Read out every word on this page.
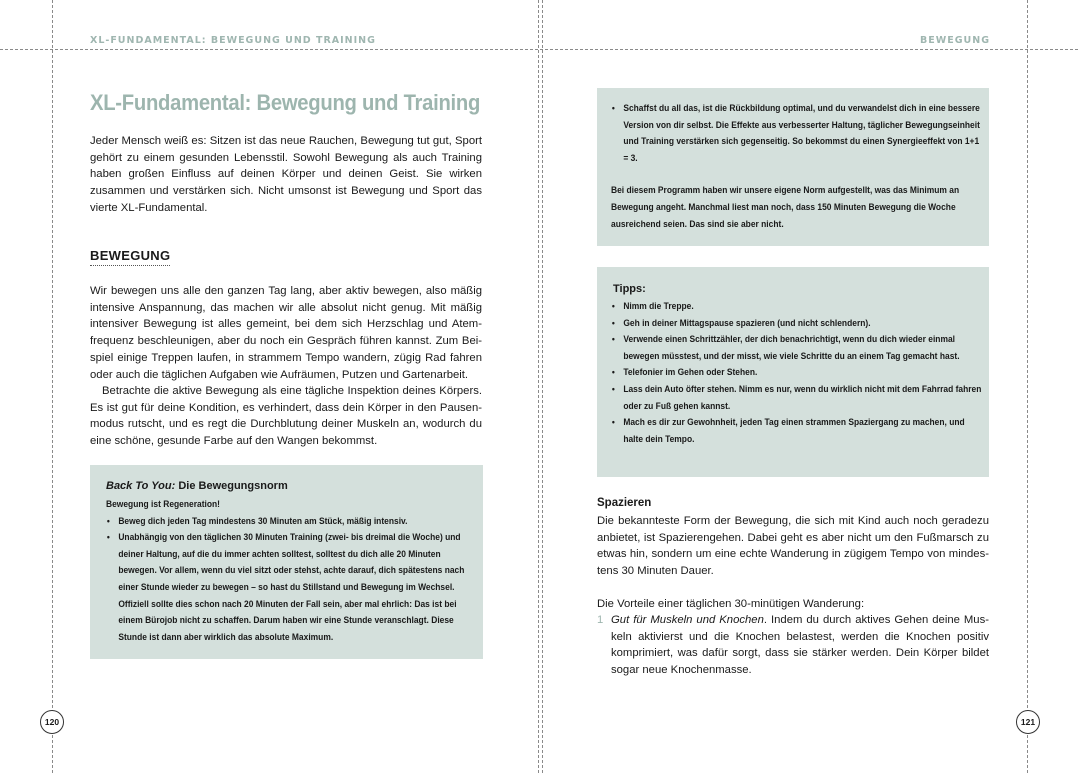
XL-FUNDAMENTAL: BEWEGUNG UND TRAINING	BEWEGUNG
XL-Fundamental: Bewegung und Training

Jeder Mensch weiß es: Sitzen ist das neue Rauchen, Bewegung tut gut, Sport gehört zu einem gesunden Lebensstil. Sowohl Bewegung als auch Training haben großen Einfluss auf deinen Körper und deinen Geist. Sie wirken zusammen und verstärken sich. Nicht umsonst ist Bewegung und Sport das vierte XL-Fundamental.

BEWEGUNG

Wir bewegen uns alle den ganzen Tag lang, aber aktiv bewegen, also mäßig intensive Anspannung, das machen wir alle absolut nicht genug. Mit mäßig intensiver Bewegung ist alles gemeint, bei dem sich Herzschlag und Atemfrequenz beschleunigen, aber du noch ein Gespräch führen kannst. Zum Beispiel einige Treppen laufen, in strammem Tempo wandern, zügig Rad fahren oder auch die täglichen Aufgaben wie Aufräumen, Putzen und Gartenarbeit.

Betrachte die aktive Bewegung als eine tägliche Inspektion deines Körpers. Es ist gut für deine Kondition, es verhindert, dass dein Körper in den Pausenmodus rutscht, und es regt die Durchblutung deiner Muskeln an, wodurch du eine schöne, gesunde Farbe auf den Wangen bekommst.

Back To You: Die Bewegungsnorm
Bewegung ist Regeneration!
• Beweg dich jeden Tag mindestens 30 Minuten am Stück, mäßig intensiv.
• Unabhängig von den täglichen 30 Minuten Training (zwei- bis dreimal die Woche) und deiner Haltung, auf die du immer achten solltest, solltest du dich alle 20 Minuten bewegen. Vor allem, wenn du viel sitzt oder stehst, achte darauf, dich spätestens nach einer Stunde wieder zu bewegen – so hast du Stillstand und Bewegung im Wechsel. Offiziell sollte dies schon nach 20 Minuten der Fall sein, aber mal ehrlich: Das ist bei einem Bürojob nicht zu schaffen. Darum haben wir eine Stunde veranschlagt. Diese Stunde ist dann aber wirklich das absolute Maximum.
120
• Schaffst du all das, ist die Rückbildung optimal, und du verwandelst dich in eine bessere Version von dir selbst. Die Effekte aus verbesserter Haltung, täglicher Bewegungseinheit und Training verstärken sich gegenseitig. So bekommst du einen Synergieeffekt von 1+1 = 3.
Bei diesem Programm haben wir unsere eigene Norm aufgestellt, was das Minimum an Bewegung angeht. Manchmal liest man noch, dass 150 Minuten Bewegung die Woche ausreichend seien. Das sind sie aber nicht.
Tipps:
• Nimm die Treppe.
• Geh in deiner Mittagspause spazieren (und nicht schlendern).
• Verwende einen Schrittzähler, der dich benachrichtigt, wenn du dich wieder einmal bewegen müsstest, und der misst, wie viele Schritte du an einem Tag gemacht hast.
• Telefonier im Gehen oder Stehen.
• Lass dein Auto öfter stehen. Nimm es nur, wenn du wirklich nicht mit dem Fahrrad fahren oder zu Fuß gehen kannst.
• Mach es dir zur Gewohnheit, jeden Tag einen strammen Spaziergang zu machen, und halte dein Tempo.
Spazieren

Die bekannteste Form der Bewegung, die sich mit Kind auch noch geradezu anbietet, ist Spazierengehen. Dabei geht es aber nicht um den Fußmarsch zu etwas hin, sondern um eine echte Wanderung in zügigem Tempo von mindestens 30 Minuten Dauer.

Die Vorteile einer täglichen 30-minütigen Wanderung:

1 Gut für Muskeln und Knochen. Indem du durch aktives Gehen deine Muskeln aktivierst und die Knochen belastest, werden die Knochen positiv komprimiert, was dafür sorgt, dass sie stärker werden. Dein Körper bildet sogar neue Knochenmasse.
121
